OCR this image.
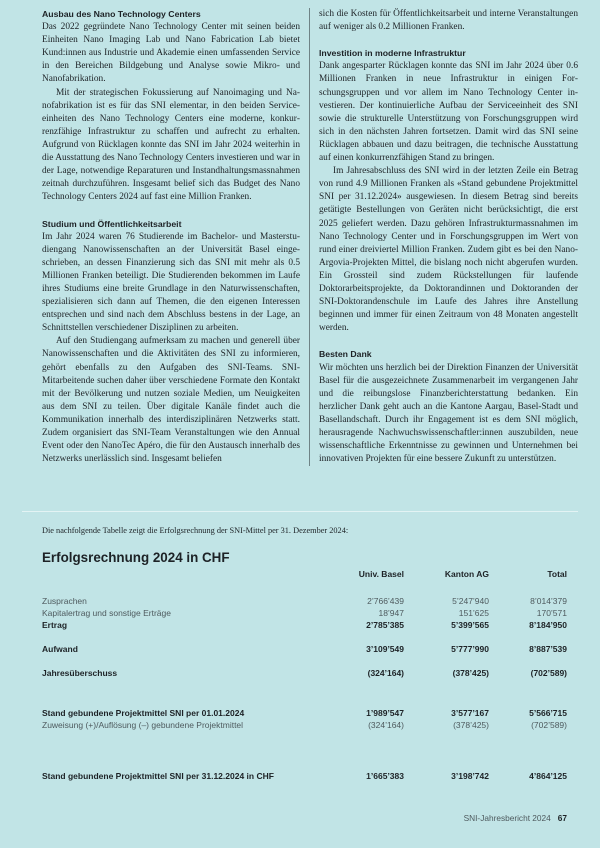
Ausbau des Nano Technology Centers

Das 2022 gegründete Nano Technology Center mit seinen beiden Einheiten Nano Imaging Lab und Nano Fabrication Lab bietet Kund:innen aus Industrie und Akademie einen umfassenden Service in den Bereichen Bildgebung und Analyse sowie Mikro- und Nanofabrikation.

Mit der strategischen Fokussierung auf Nanoimaging und Nanofabrikation ist es für das SNI elementar, in den beiden Serviceeinheiten des Nano Technology Centers eine moderne, konkurrenzfähige Infrastruktur zu schaffen und aufrecht zu erhalten. Aufgrund von Rücklagen konnte das SNI im Jahr 2024 weiterhin in die Ausstattung des Nano Technology Centers investieren und war in der Lage, notwendige Reparaturen und Instandhaltungsmassnahmen zeitnah durchzuführen. Insgesamt belief sich das Budget des Nano Technology Centers 2024 auf fast eine Million Franken.

Studium und Öffentlichkeitsarbeit

Im Jahr 2024 waren 76 Studierende im Bachelor- und Masterstudiengang Nanowissenschaften an der Universität Basel eingeschrieben, an dessen Finanzierung sich das SNI mit mehr als 0.5 Millionen Franken beteiligt. Die Studierenden bekommen im Laufe ihres Studiums eine breite Grundlage in den Naturwissenschaften, spezialisieren sich dann auf Themen, die den eigenen Interessen entsprechen und sind nach dem Abschluss bestens in der Lage, an Schnittstellen verschiedener Disziplinen zu arbeiten.

Auf den Studiengang aufmerksam zu machen und generell über Nanowissenschaften und die Aktivitäten des SNI zu informieren, gehört ebenfalls zu den Aufgaben des SNI-Teams. SNI-Mitarbeitende suchen daher über verschiedene Formate den Kontakt mit der Bevölkerung und nutzen soziale Medien, um Neuigkeiten aus dem SNI zu teilen. Über digitale Kanäle findet auch die Kommunikation innerhalb des interdisziplinären Netzwerks statt. Zudem organisiert das SNI-Team Veranstaltungen wie den Annual Event oder den NanoTec Apéro, die für den Austausch innerhalb des Netzwerks unerlässlich sind. Insgesamt beliefen

sich die Kosten für Öffentlichkeitsarbeit und interne Veranstaltungen auf weniger als 0.2 Millionen Franken.

Investition in moderne Infrastruktur

Dank angesparter Rücklagen konnte das SNI im Jahr 2024 über 0.6 Millionen Franken in neue Infrastruktur in einigen Forschungsgruppen und vor allem im Nano Technology Center investieren. Der kontinuierliche Aufbau der Serviceeinheit des SNI sowie die strukturelle Unterstützung von Forschungsgruppen wird sich in den nächsten Jahren fortsetzen. Damit wird das SNI seine Rücklagen abbauen und dazu beitragen, die technische Ausstattung auf einen konkurrenzfähigen Stand zu bringen.

Im Jahresabschluss des SNI wird in der letzten Zeile ein Betrag von rund 4.9 Millionen Franken als «Stand gebundene Projektmittel SNI per 31.12.2024» ausgewiesen. In diesem Betrag sind bereits getätigte Bestellungen von Geräten nicht berücksichtigt, die erst 2025 geliefert werden. Dazu gehören Infrastrukturmassnahmen im Nano Technology Center und in Forschungsgruppen im Wert von rund einer dreiviertel Million Franken. Zudem gibt es bei den Nano-Argovia-Projekten Mittel, die bislang noch nicht abgerufen wurden. Ein Grossteil sind zudem Rückstellungen für laufende Doktorarbeitsprojekte, da Doktorandinnen und Doktoranden der SNI-Doktorandenschule im Laufe des Jahres ihre Anstellung beginnen und immer für einen Zeitraum von 48 Monaten angestellt werden.

Besten Dank

Wir möchten uns herzlich bei der Direktion Finanzen der Universität Basel für die ausgezeichnete Zusammenarbeit im vergangenen Jahr und die reibungslose Finanzberichterstattung bedanken. Ein herzlicher Dank geht auch an die Kantone Aargau, Basel-Stadt und Basellandschaft. Durch ihr Engagement ist es dem SNI möglich, herausragende Nachwuchswissenschaftler:innen auszubilden, neue wissenschaftliche Erkenntnisse zu gewinnen und Unternehmen bei innovativen Projekten für eine bessere Zukunft zu unterstützen.

Die nachfolgende Tabelle zeigt die Erfolgsrechnung der SNI-Mittel per 31. Dezember 2024:
Erfolgsrechnung 2024 in CHF
Univ. Basel	Kanton AG	Total
Zusprachen	2’766’439	5’247’940	8’014’379
Kapitalertrag und sonstige Erträge	18’947	151’625	170’571
Ertrag	2’785’385	5’399’565	8’184’950
Aufwand	3’109’549	5’777’990	8’887’539
Jahresüberschuss	(324’164)	(378’425)	(702’589)
Stand gebundene Projektmittel SNI per 01.01.2024	1’989’547	3’577’167	5’566’715
Zuweisung (+)/Auflösung (–) gebundene Projektmittel	(324’164)	(378’425)	(702’589)
Stand gebundene Projektmittel SNI per 31.12.2024 in CHF	1’665’383	3’198’742	4’864’125
SNI-Jahresbericht 2024 67
